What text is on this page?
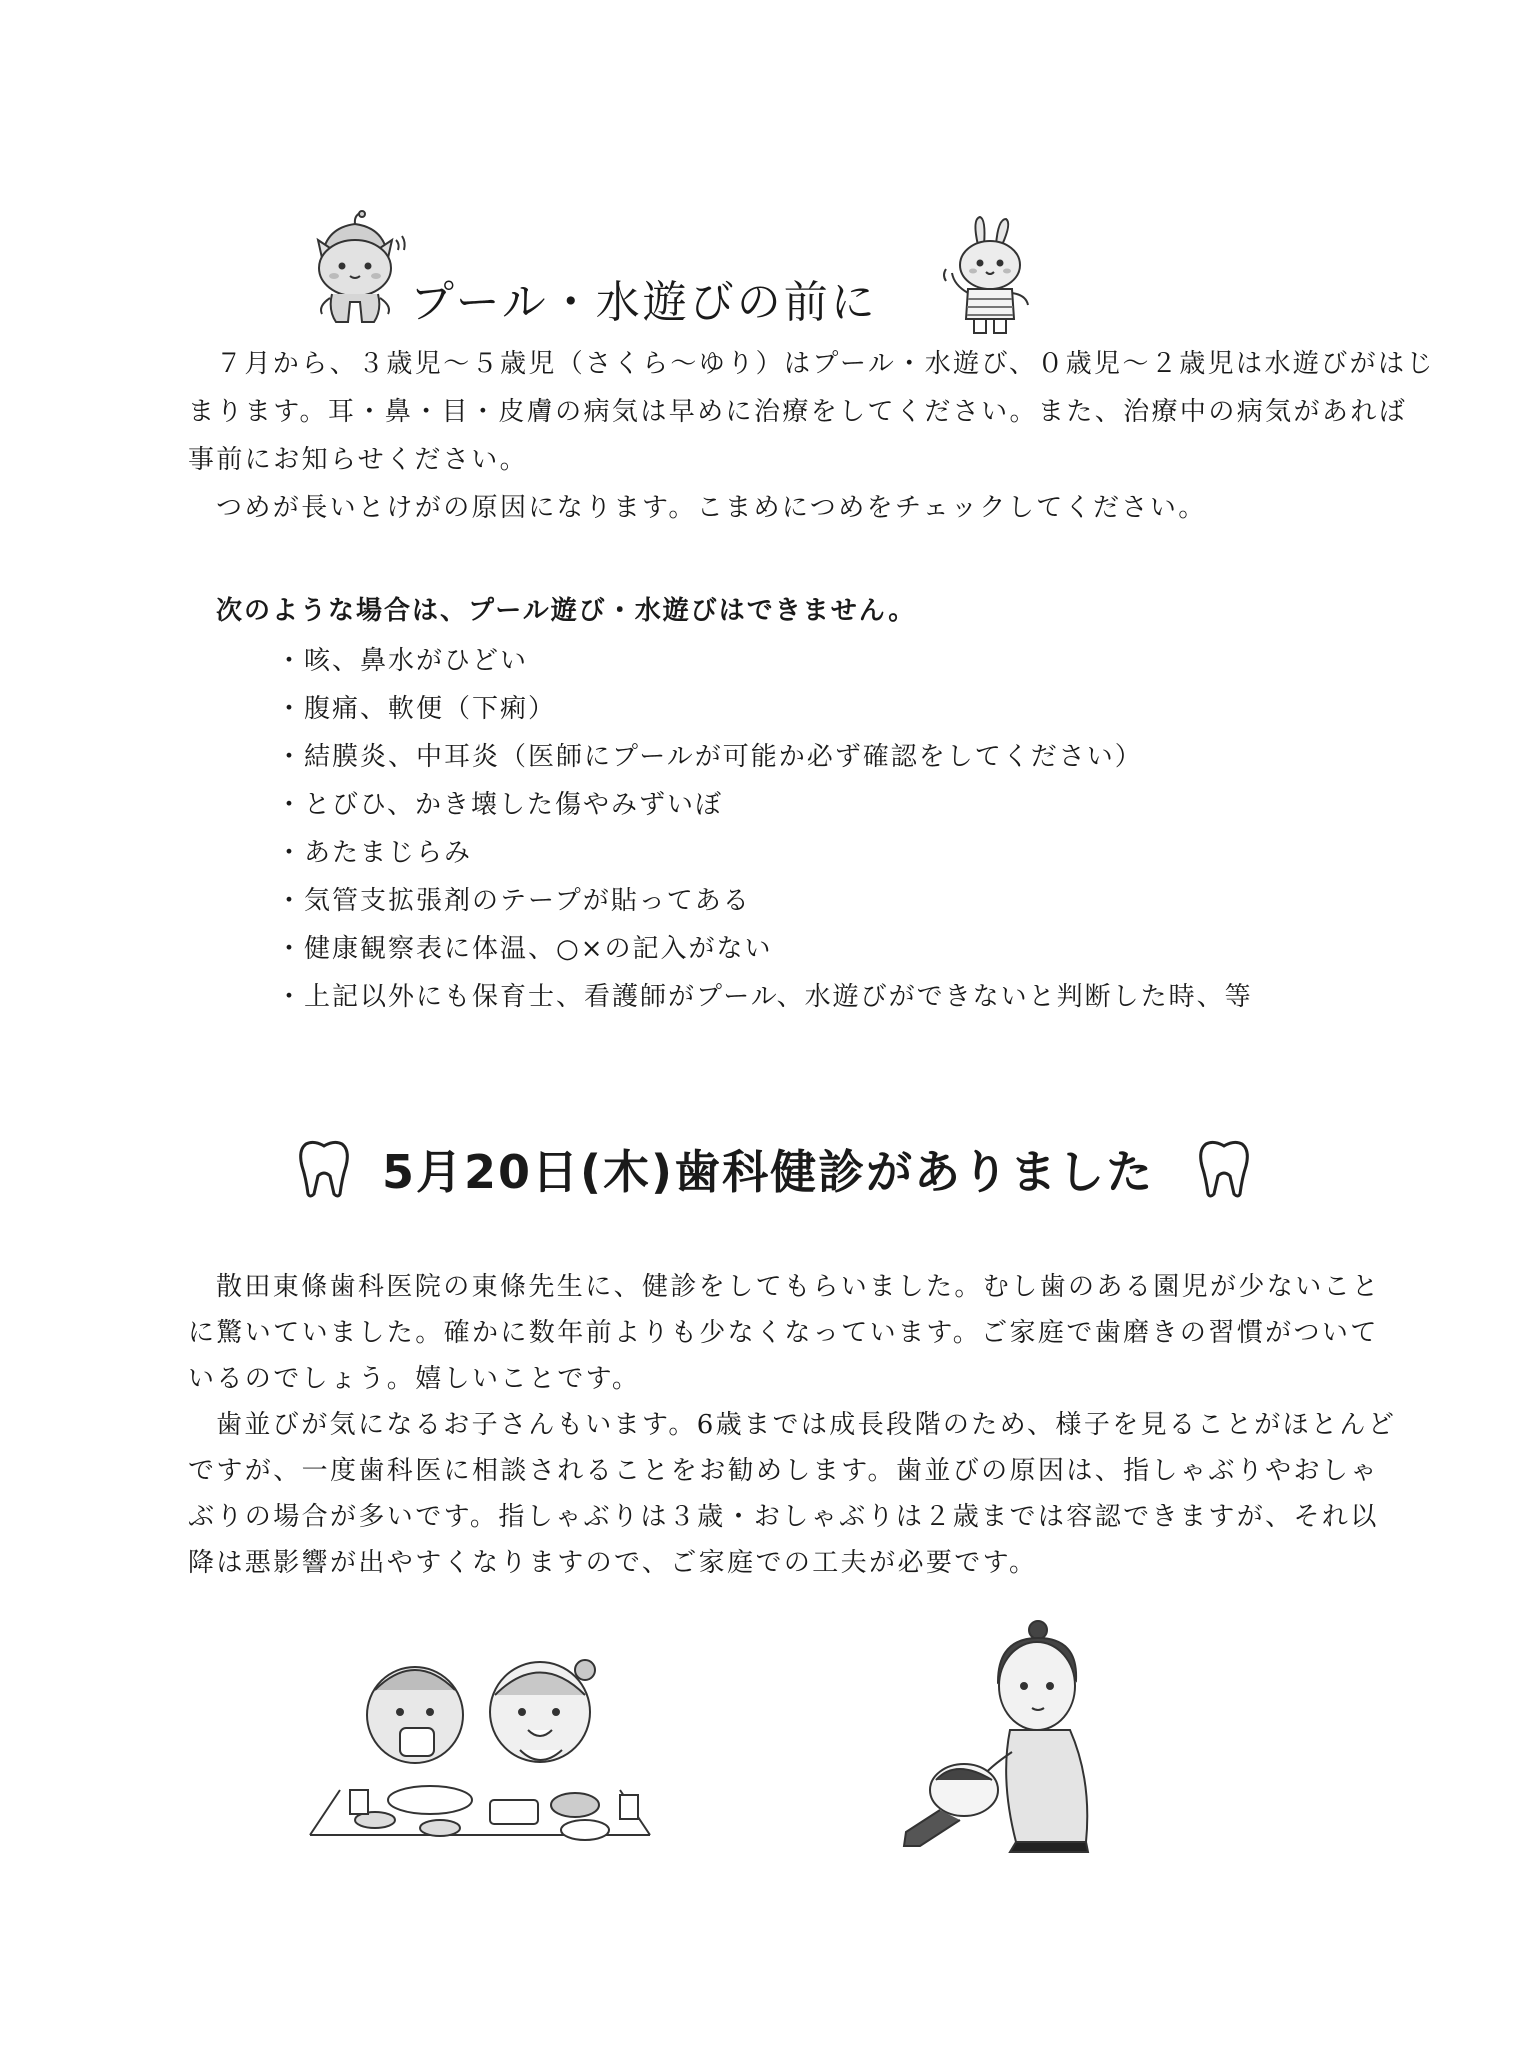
プール・水遊びの前に
７月から、３歳児～５歳児（さくら～ゆり）はプール・水遊び、０歳児～２歳児は水遊びがはじ
まります。耳・鼻・目・皮膚の病気は早めに治療をしてください。また、治療中の病気があれば
事前にお知らせください。
つめが長いとけがの原因になります。こまめにつめをチェックしてください。

次のような場合は、プール遊び・水遊びはできません。

・ 咳、鼻水がひどい
・ 腹痛、軟便（下痢）
・ 結膜炎、中耳炎（医師にプールが可能か必ず確認をしてください）
・ とびひ、かき壊した傷やみずいぼ
・ あたまじらみ
・ 気管支拡張剤のテープが貼ってある
・ 健康観察表に体温、○×の記入がない
・ 上記以外にも保育士、看護師がプール、水遊びができないと判断した時、等
5月20日(木)歯科健診がありました
散田東條歯科医院の東條先生に、健診をしてもらいました。むし歯のある園児が少ないこと
に驚いていました。確かに数年前よりも少なくなっています。ご家庭で歯磨きの習慣がついて
いるのでしょう。嬉しいことです。
歯並びが気になるお子さんもいます。6歳までは成長段階のため、様子を見ることがほとんど
ですが、一度歯科医に相談されることをお勧めします。歯並びの原因は、指しゃぶりやおしゃ
ぶりの場合が多いです。指しゃぶりは３歳・おしゃぶりは２歳までは容認できますが、それ以
降は悪影響が出やすくなりますので、ご家庭での工夫が必要です。
